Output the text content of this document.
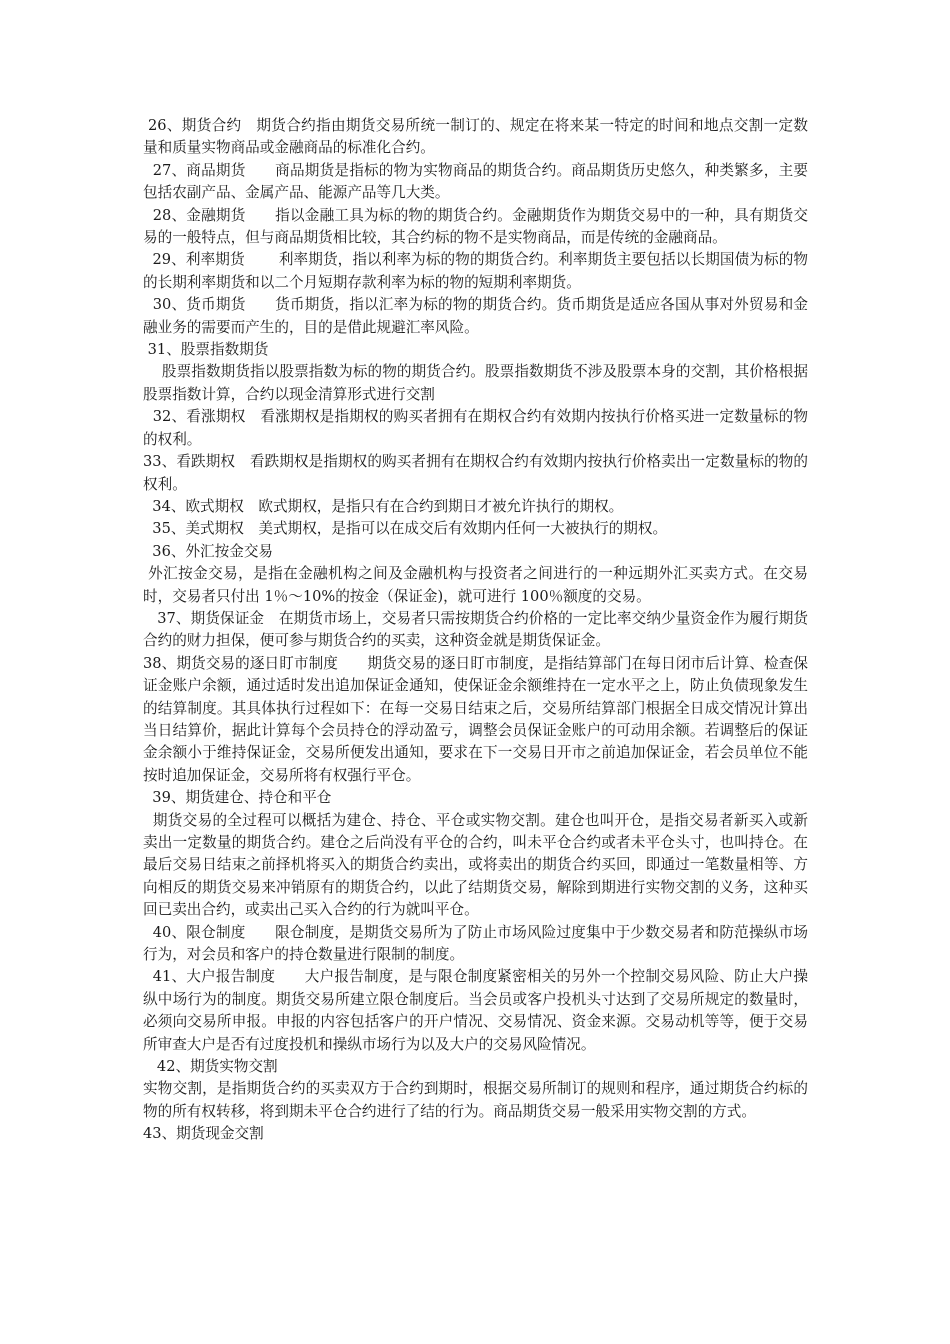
26、期货合约　期货合约指由期货交易所统一制订的、规定在将来某一特定的时间和地点交割一定数量和质量实物商品或金融商品的标准化合约。

27、商品期货　　商品期货是指标的物为实物商品的期货合约。商品期货历史悠久，种类繁多，主要包括农副产品、金属产品、能源产品等几大类。

28、金融期货　　指以金融工具为标的物的期货合约。金融期货作为期货交易中的一种，具有期货交易的一般特点，但与商品期货相比较，其合约标的物不是实物商品，而是传统的金融商品。

29、利率期货　　 利率期货，指以利率为标的物的期货合约。利率期货主要包括以长期国债为标的物的长期利率期货和以二个月短期存款利率为标的物的短期利率期货。

30、货币期货　　货币期货，指以汇率为标的物的期货合约。货币期货是适应各国从事对外贸易和金融业务的需要而产生的，目的是借此规避汇率风险。

31、股票指数期货

股票指数期货指以股票指数为标的物的期货合约。股票指数期货不涉及股票本身的交割，其价格根据股票指数计算，合约以现金清算形式进行交割

32、看涨期权　看涨期权是指期权的购买者拥有在期权合约有效期内按执行价格买进一定数量标的物的权利。

33、看跌期权　看跌期权是指期权的购买者拥有在期权合约有效期内按执行价格卖出一定数量标的物的权利。

34、欧式期权　欧式期权，是指只有在合约到期日才被允许执行的期权。

35、美式期权　美式期权，是指可以在成交后有效期内任何一大被执行的期权。

36、外汇按金交易

外汇按金交易，是指在金融机构之间及金融机构与投资者之间进行的一种远期外汇买卖方式。在交易时，交易者只付出 1％～10%的按金（保证金)，就可进行 100％额度的交易。

37、期货保证金　在期货市场上，交易者只需按期货合约价格的一定比率交纳少量资金作为履行期货合约的财力担保，便可参与期货合约的买卖，这种资金就是期货保证金。

38、期货交易的逐日盯市制度　　期货交易的逐日盯市制度，是指结算部门在每日闭市后计算、检查保证金账户余额，通过适时发出追加保证金通知，使保证金余额维持在一定水平之上，防止负债现象发生的结算制度。其具体执行过程如下：在每一交易日结束之后，交易所结算部门根据全日成交情况计算出当日结算价，据此计算每个会员持仓的浮动盈亏，调整会员保证金账户的可动用余额。若调整后的保证金余额小于维持保证金，交易所便发出通知，要求在下一交易日开市之前追加保证金，若会员单位不能按时追加保证金，交易所将有权强行平仓。

39、期货建仓、持仓和平仓

期货交易的全过程可以概括为建仓、持仓、平仓或实物交割。建仓也叫开仓，是指交易者新买入或新卖出一定数量的期货合约。建仓之后尚没有平仓的合约，叫未平仓合约或者未平仓头寸，也叫持仓。在最后交易日结束之前择机将买入的期货合约卖出，或将卖出的期货合约买回，即通过一笔数量相等、方向相反的期货交易来冲销原有的期货合约，以此了结期货交易，解除到期进行实物交割的义务，这种买回已卖出合约，或卖出己买入合约的行为就叫平仓。

40、限仓制度　　限仓制度，是期货交易所为了防止市场风险过度集中于少数交易者和防范操纵市场行为，对会员和客户的持仓数量进行限制的制度。

41、大户报告制度　　大户报告制度，是与限仓制度紧密相关的另外一个控制交易风险、防止大户操纵中场行为的制度。期货交易所建立限仓制度后。当会员或客户投机头寸达到了交易所规定的数量时，必须向交易所申报。申报的内容包括客户的开户情况、交易情况、资金来源。交易动机等等，便于交易所审查大户是否有过度投机和操纵市场行为以及大户的交易风险情况。

42、期货实物交割

实物交割，是指期货合约的买卖双方于合约到期时，根据交易所制订的规则和程序，通过期货合约标的物的所有权转移，将到期未平仓合约进行了结的行为。商品期货交易一般采用实物交割的方式。

43、期货现金交割
